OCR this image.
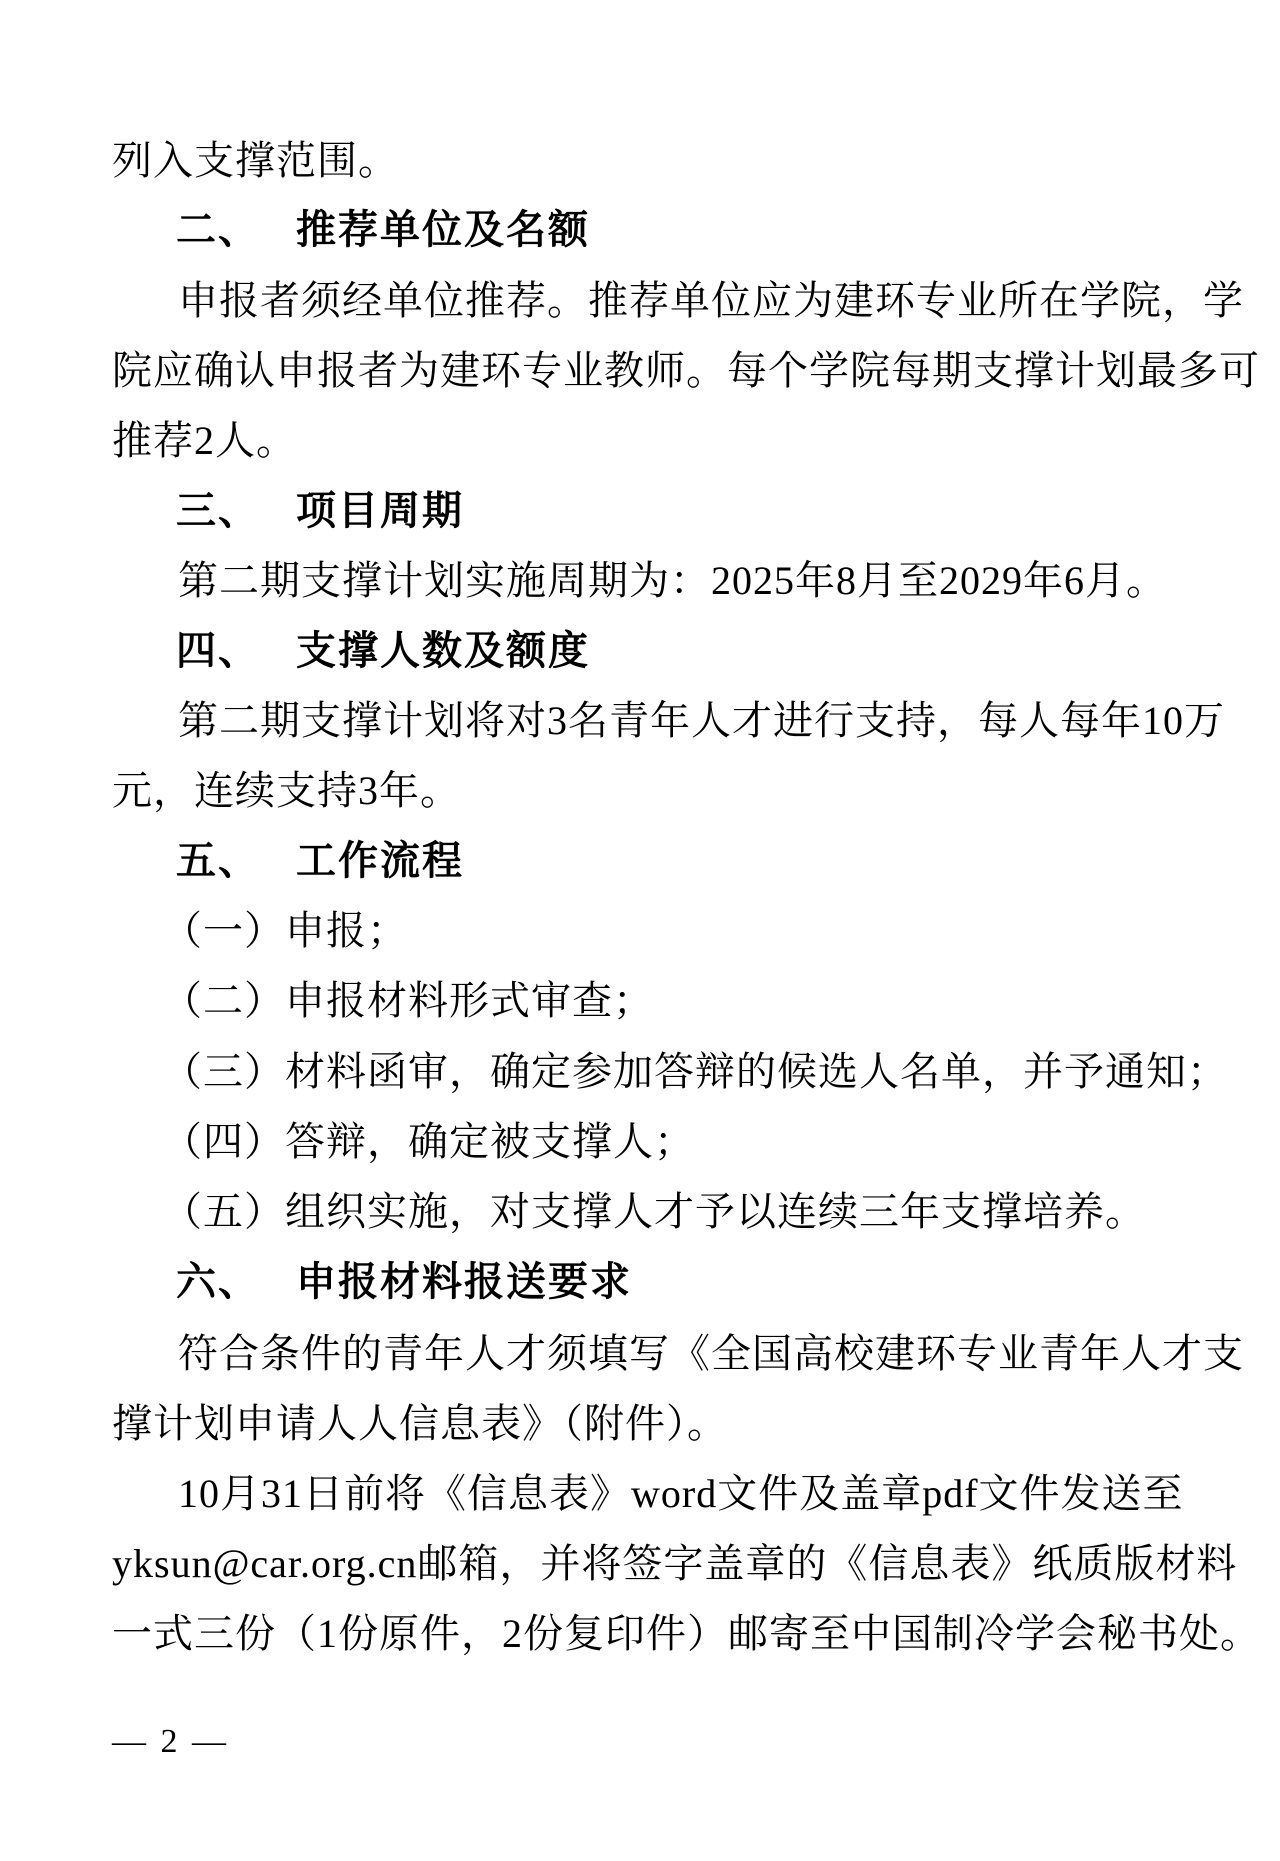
列入支撑范围。
二、 推荐单位及名额
申报者须经单位推荐。推荐单位应为建环专业所在学院，学
院应确认申报者为建环专业教师。每个学院每期支撑计划最多可
推荐2人。
三、 项目周期
第二期支撑计划实施周期为：2025年8月至2029年6月。
四、 支撑人数及额度
第二期支撑计划将对3名青年人才进行支持，每人每年10万
元，连续支持3年。
五、 工作流程
（一）申报；
（二）申报材料形式审查；
（三）材料函审，确定参加答辩的候选人名单，并予通知；
（四）答辩，确定被支撑人；
（五）组织实施，对支撑人才予以连续三年支撑培养。
六、 申报材料报送要求
符合条件的青年人才须填写《全国高校建环专业青年人才支
撑计划申请人人信息表》（附件）。
10月31日前将《信息表》word文件及盖章pdf文件发送至
yksun@car.org.cn邮箱，并将签字盖章的《信息表》纸质版材料
一式三份（1份原件，2份复印件）邮寄至中国制冷学会秘书处。
— 2 —
